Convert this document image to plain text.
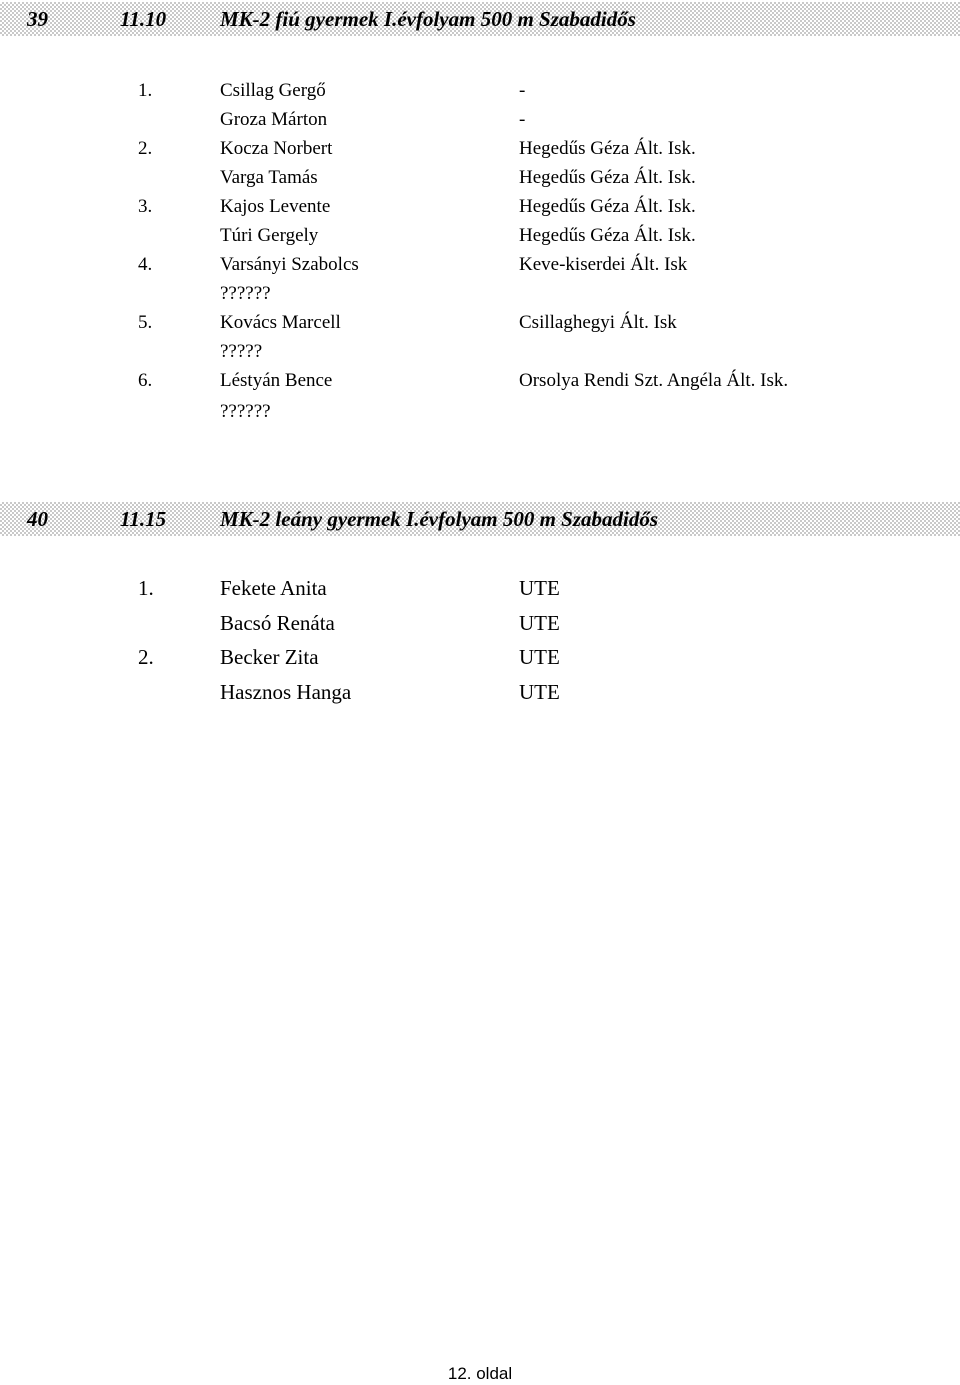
39	11.10	MK-2 fiú gyermek I.évfolyam 500 m Szabadidős
1.	Csillag Gergő	-
Groza Márton	-
2.	Kocza Norbert	Hegedűs Géza Ált. Isk.
Varga Tamás	Hegedűs Géza Ált. Isk.
3.	Kajos Levente	Hegedűs Géza Ált. Isk.
Túri Gergely	Hegedűs Géza Ált. Isk.
4.	Varsányi Szabolcs	Keve-kiserdei Ált. Isk
??????
5.	Kovács Marcell	Csillaghegyi Ált. Isk
?????
6.	Léstyán Bence	Orsolya Rendi Szt. Angéla Ált. Isk.
??????
40	11.15	MK-2 leány gyermek I.évfolyam 500 m Szabadidős
1.	Fekete Anita	UTE
Bacsó Renáta	UTE
2.	Becker Zita	UTE
Hasznos Hanga	UTE
12. oldal
